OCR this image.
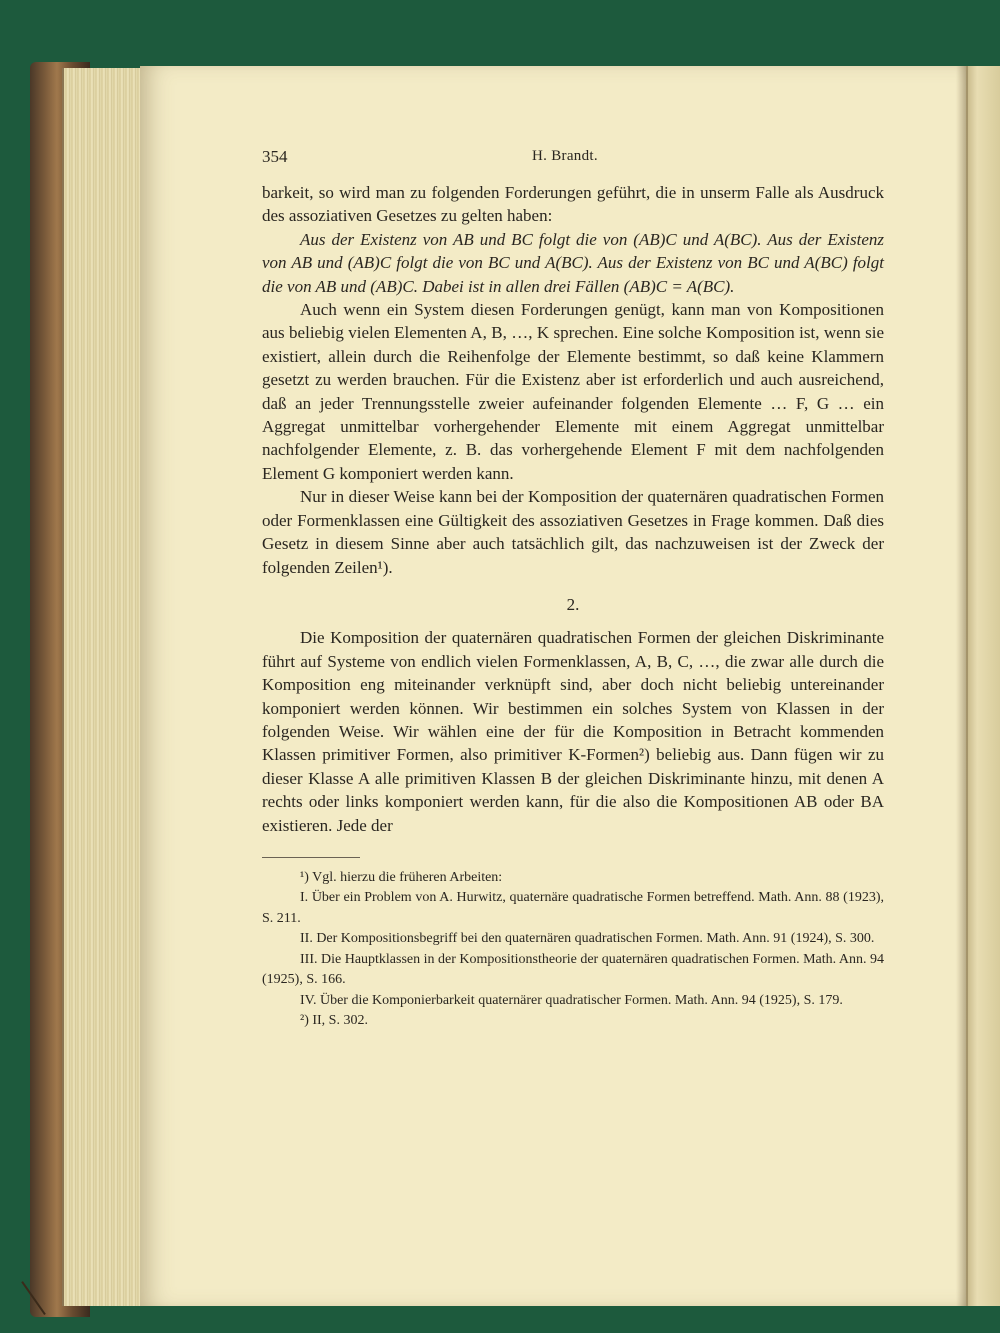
354	H. Brandt.

barkeit, so wird man zu folgenden Forderungen geführt, die in unserm Falle als Ausdruck des assoziativen Gesetzes zu gelten haben:

Aus der Existenz von AB und BC folgt die von (AB)C und A(BC). Aus der Existenz von AB und (AB)C folgt die von BC und A(BC). Aus der Existenz von BC und A(BC) folgt die von AB und (AB)C. Dabei ist in allen drei Fällen (AB)C = A(BC).

Auch wenn ein System diesen Forderungen genügt, kann man von Kompositionen aus beliebig vielen Elementen A, B, …, K sprechen. Eine solche Komposition ist, wenn sie existiert, allein durch die Reihenfolge der Elemente bestimmt, so daß keine Klammern gesetzt zu werden brauchen. Für die Existenz aber ist erforderlich und auch ausreichend, daß an jeder Trennungsstelle zweier aufeinander folgenden Elemente … F, G … ein Aggregat unmittelbar vorhergehender Elemente mit einem Aggregat unmittelbar nachfolgender Elemente, z. B. das vorhergehende Element F mit dem nachfolgenden Element G komponiert werden kann.

Nur in dieser Weise kann bei der Komposition der quaternären quadratischen Formen oder Formenklassen eine Gültigkeit des assoziativen Gesetzes in Frage kommen. Daß dies Gesetz in diesem Sinne aber auch tatsächlich gilt, das nachzuweisen ist der Zweck der folgenden Zeilen¹).

2.

Die Komposition der quaternären quadratischen Formen der gleichen Diskriminante führt auf Systeme von endlich vielen Formenklassen, A, B, C, …, die zwar alle durch die Komposition eng miteinander verknüpft sind, aber doch nicht beliebig untereinander komponiert werden können. Wir bestimmen ein solches System von Klassen in der folgenden Weise. Wir wählen eine der für die Komposition in Betracht kommenden Klassen primitiver Formen, also primitiver K-Formen²) beliebig aus. Dann fügen wir zu dieser Klasse A alle primitiven Klassen B der gleichen Diskriminante hinzu, mit denen A rechts oder links komponiert werden kann, für die also die Kompositionen AB oder BA existieren. Jede der

¹) Vgl. hierzu die früheren Arbeiten:

I. Über ein Problem von A. Hurwitz, quaternäre quadratische Formen betreffend. Math. Ann. 88 (1923), S. 211.

II. Der Kompositionsbegriff bei den quaternären quadratischen Formen. Math. Ann. 91 (1924), S. 300.

III. Die Hauptklassen in der Kompositionstheorie der quaternären quadratischen Formen. Math. Ann. 94 (1925), S. 166.

IV. Über die Komponierbarkeit quaternärer quadratischer Formen. Math. Ann. 94 (1925), S. 179.

²) II, S. 302.
